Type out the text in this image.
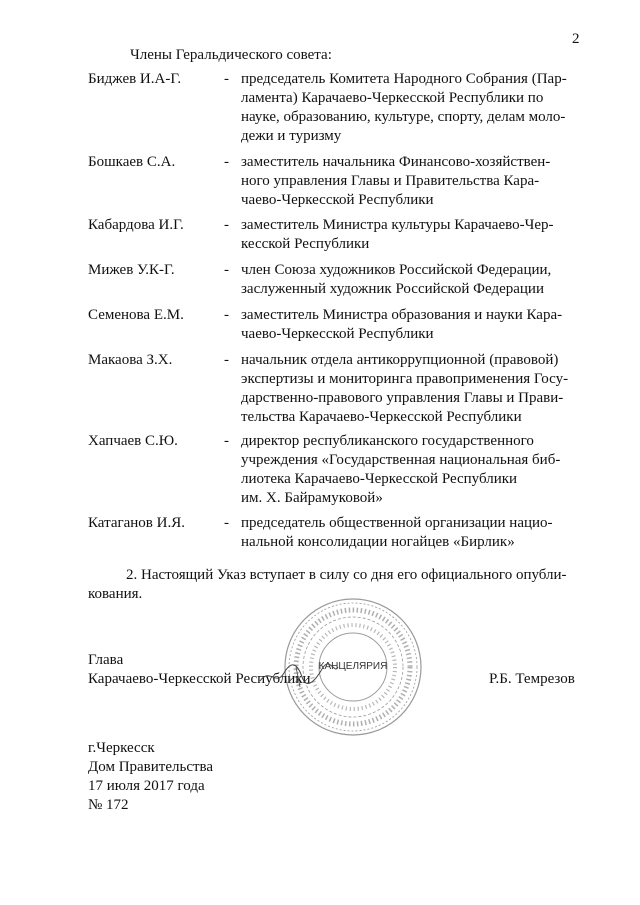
2
Члены Геральдического совета:
Биджев И.А-Г.	- председатель Комитета Народного Собрания (Пар-
ламента) Карачаево-Черкесской Республики по
науке, образованию, культуре, спорту, делам моло-
дежи и туризму
Бошкаев С.А.	- заместитель начальника Финансово-хозяйствен-
ного управления Главы и Правительства Кара-
чаево-Черкесской Республики
Кабардова И.Г.	- заместитель Министра культуры Карачаево-Чер-
кесской Республики
Мижев У.К-Г.	- член Союза художников Российской Федерации,
заслуженный художник Российской Федерации
Семенова Е.М.	- заместитель Министра образования и науки Кара-
чаево-Черкесской Республики
Макаова З.Х.	- начальник отдела антикоррупционной (правовой)
экспертизы и мониторинга правоприменения Госу-
дарственно-правового управления Главы и Прави-
тельства Карачаево-Черкесской Республики
Хапчаев С.Ю.	- директор республиканского государственного
учреждения «Государственная национальная биб-
лиотека Карачаево-Черкесской Республики
им. Х. Байрамуковой»
Катаганов И.Я.	- председатель общественной организации нацио-
нальной консолидации ногайцев «Бирлик»
2. Настоящий Указ вступает в силу со дня его официального опубли-
кования.
КАНЦЕЛЯРИЯ
Глава
Карачаево-Черкесской Республики	Р.Б. Темрезов
г.Черкесск
Дом Правительства
17 июля 2017 года
№ 172
